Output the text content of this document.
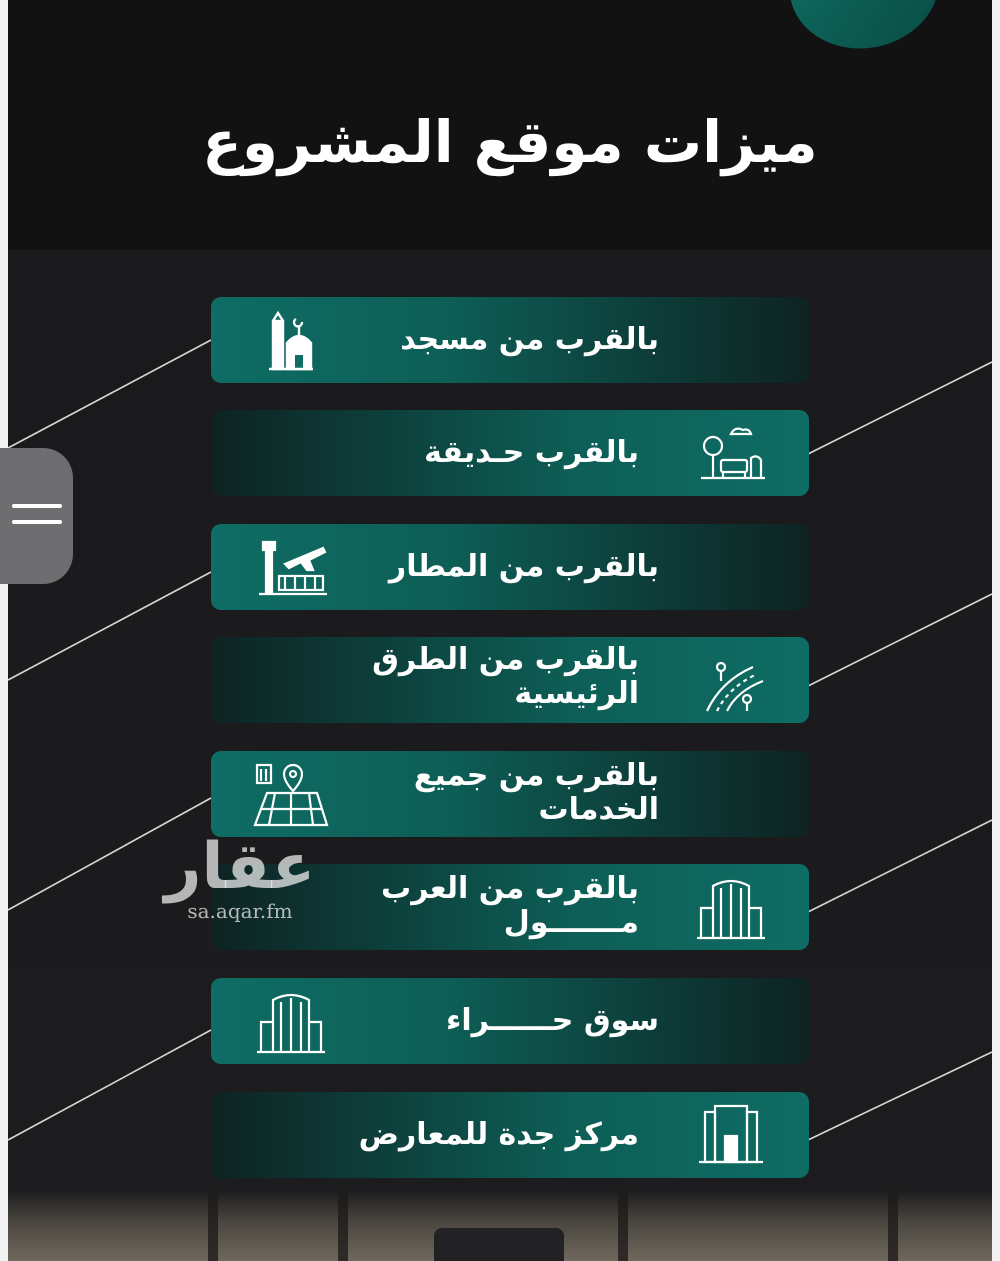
ميزات موقع المشروع
بالقرب من مسجد
بالقرب حـديقة
بالقرب من المطار
بالقرب من الطرق
الرئيسية
بالقرب من جميع
الخدمات
بالقرب من العرب
مـــــــول
سوق حــــــراء
مركز جدة للمعارض
عقار
sa.aqar.fm
